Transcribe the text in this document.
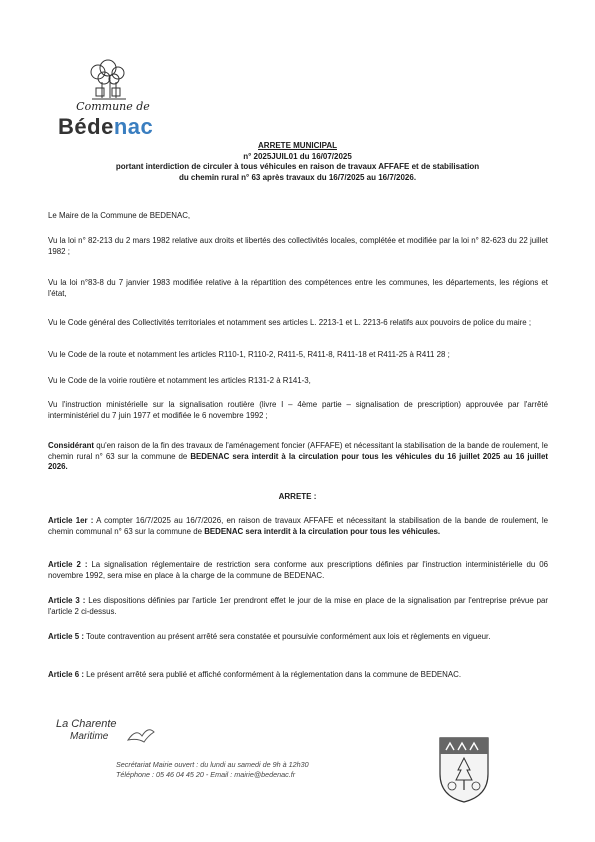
Commune de
Bédenac
ARRETE MUNICIPAL
n° 2025JUIL01 du 16/07/2025
portant interdiction de circuler à tous véhicules en raison de travaux AFFAFE et de stabilisation
du chemin rural n° 63 après travaux du 16/7/2025 au 16/7/2026.

Le Maire de la Commune de BEDENAC,

Vu la loi n° 82-213 du 2 mars 1982 relative aux droits et libertés des collectivités locales, complétée et modifiée par la loi n° 82-623 du 22 juillet 1982 ;

Vu la loi n°83-8 du 7 janvier 1983 modifiée relative à la répartition des compétences entre les communes, les départements, les régions et l'état,

Vu le Code général des Collectivités territoriales et notamment ses articles L. 2213-1 et L. 2213-6 relatifs aux pouvoirs de police du maire ;

Vu le Code de la route et notamment les articles R110-1, R110-2, R411-5, R411-8, R411-18 et R411-25 à R411 28 ;

Vu le Code de la voirie routière et notamment les articles R131-2 à R141-3,

Vu l'instruction ministérielle sur la signalisation routière (livre I – 4ème partie – signalisation de prescription) approuvée par l'arrêté interministériel du 7 juin 1977 et modifiée le 6 novembre 1992 ;

Considérant qu'en raison de la fin des travaux de l'aménagement foncier (AFFAFE) et nécessitant la stabilisation de la bande de roulement, le chemin rural n° 63 sur la commune de BEDENAC sera interdit à la circulation pour tous les véhicules du 16 juillet 2025 au 16 juillet 2026.

ARRETE :

Article 1er : A compter 16/7/2025 au 16/7/2026, en raison de travaux AFFAFE et nécessitant la stabilisation de la bande de roulement, le chemin communal n° 63 sur la commune de BEDENAC sera interdit à la circulation pour tous les véhicules.

Article 2 : La signalisation réglementaire de restriction sera conforme aux prescriptions définies par l'instruction interministérielle du 06 novembre 1992, sera mise en place à la charge de la commune de BEDENAC.

Article 3 : Les dispositions définies par l'article 1er prendront effet le jour de la mise en place de la signalisation par l'entreprise prévue par l'article 2 ci-dessus.

Article 5 : Toute contravention au présent arrêté sera constatée et poursuivie conformément aux lois et règlements en vigueur.

Article 6 : Le présent arrêté sera publié et affiché conformément à la réglementation dans la commune de BEDENAC.

La Charente
Maritime
Secrétariat Mairie ouvert : du lundi au samedi de 9h à 12h30
Téléphone : 05 46 04 45 20 - Email : mairie@bedenac.fr
